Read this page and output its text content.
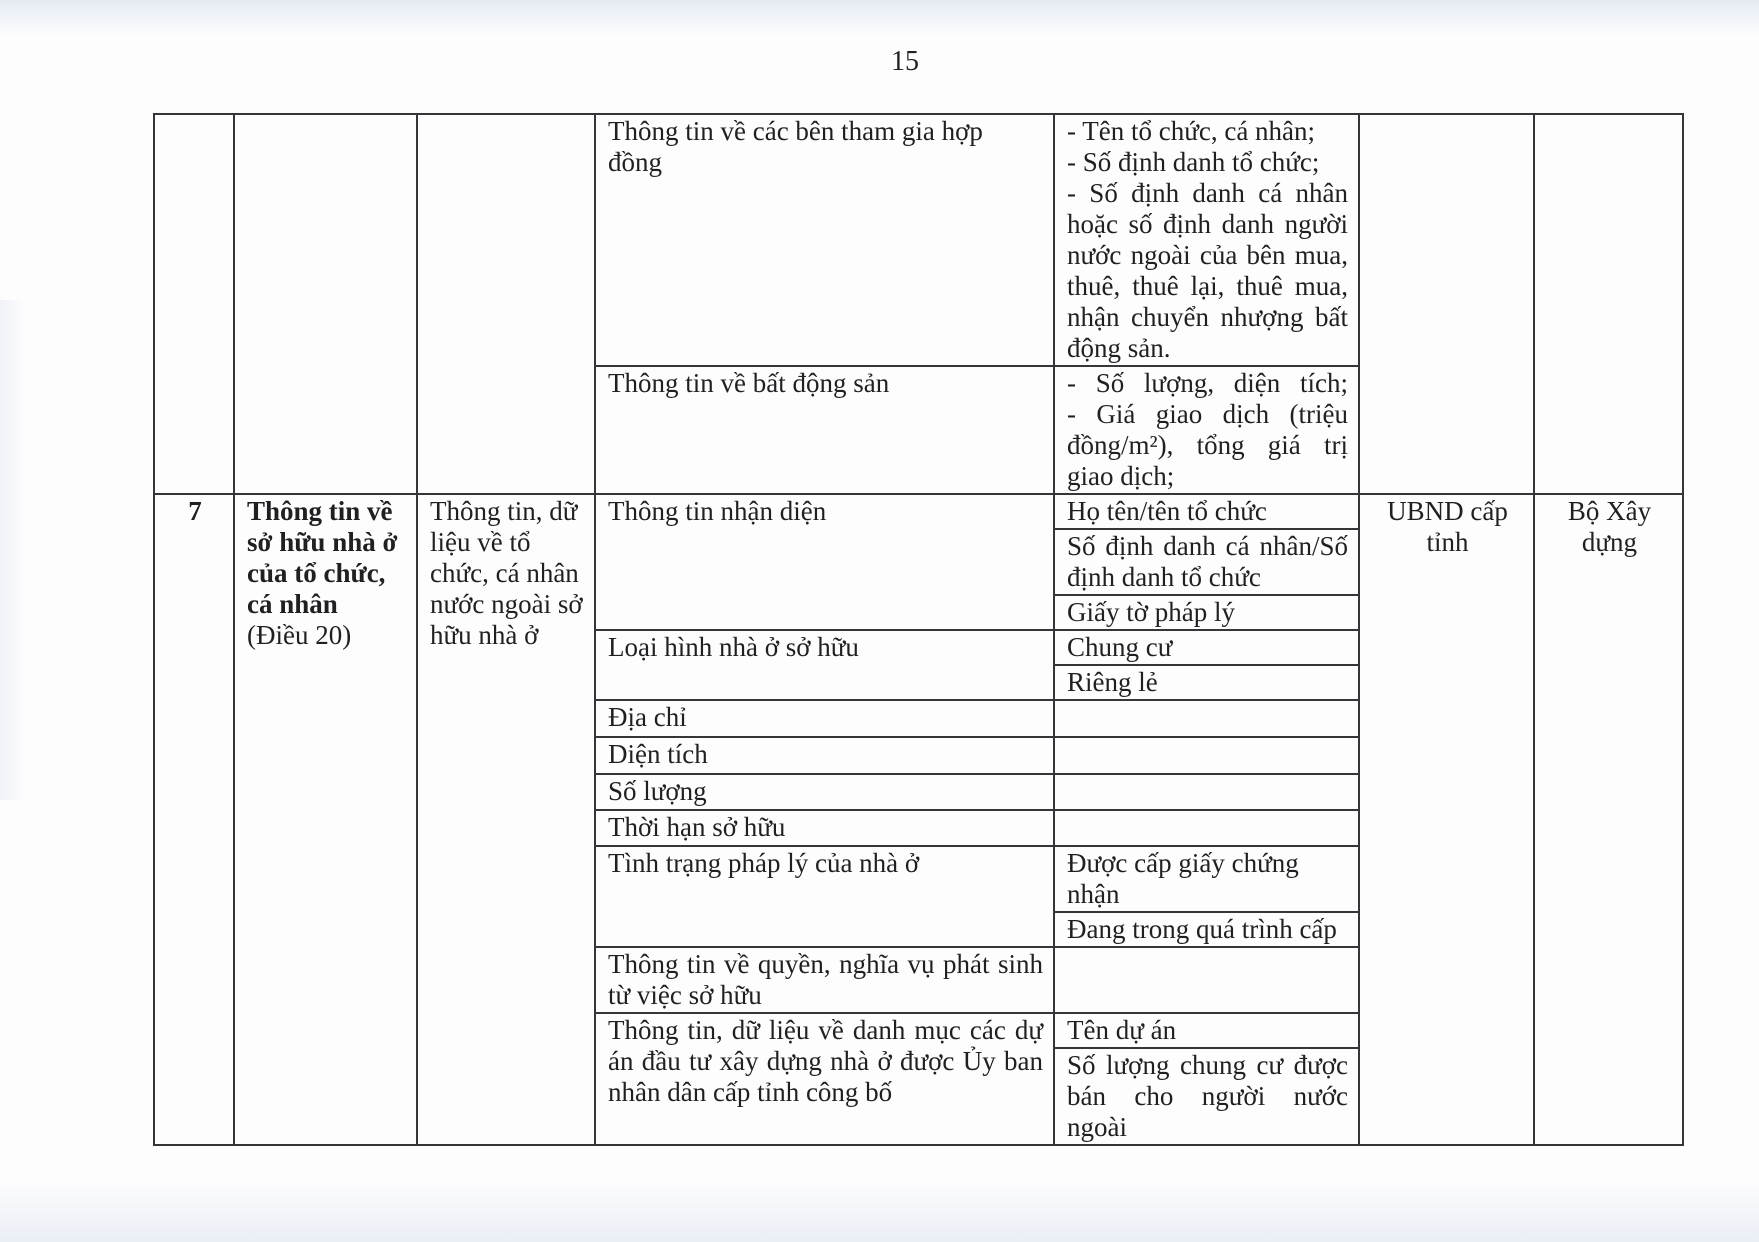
15
			Thông tin về các bên tham gia hợp đồng	- Tên tổ chức, cá nhân;

- Số định danh tổ chức;

- Số định danh cá nhân hoặc số định danh người nước ngoài của bên mua, thuê, thuê lại, thuê mua, nhận chuyển nhượng bất động sản.		

			Thông tin về bất động sản	- Số lượng, diện tích;

- Giá giao dịch (triệu đồng/m²), tổng giá trị giao dịch;		

7	Thông tin về sở hữu nhà ở của tổ chức, cá nhân
(Điều 20)	Thông tin, dữ liệu về tổ chức, cá nhân nước ngoài sở hữu nhà ở	Thông tin nhận diện	Họ tên/tên tổ chức	UBND cấp tỉnh	Bộ Xây dựng
				Số định danh cá nhân/Số định danh tổ chức		
				Giấy tờ pháp lý		
			Loại hình nhà ở sở hữu	Chung cư		
				Riêng lẻ		
			Địa chỉ			
			Diện tích			
			Số lượng			
			Thời hạn sở hữu			
			Tình trạng pháp lý của nhà ở	Được cấp giấy chứng nhận		
				Đang trong quá trình cấp		
			Thông tin về quyền, nghĩa vụ phát sinh từ việc sở hữu			
			Thông tin, dữ liệu về danh mục các dự án đầu tư xây dựng nhà ở được Ủy ban nhân dân cấp tỉnh công bố	Tên dự án		
				Số lượng chung cư được bán cho người nước ngoài		
